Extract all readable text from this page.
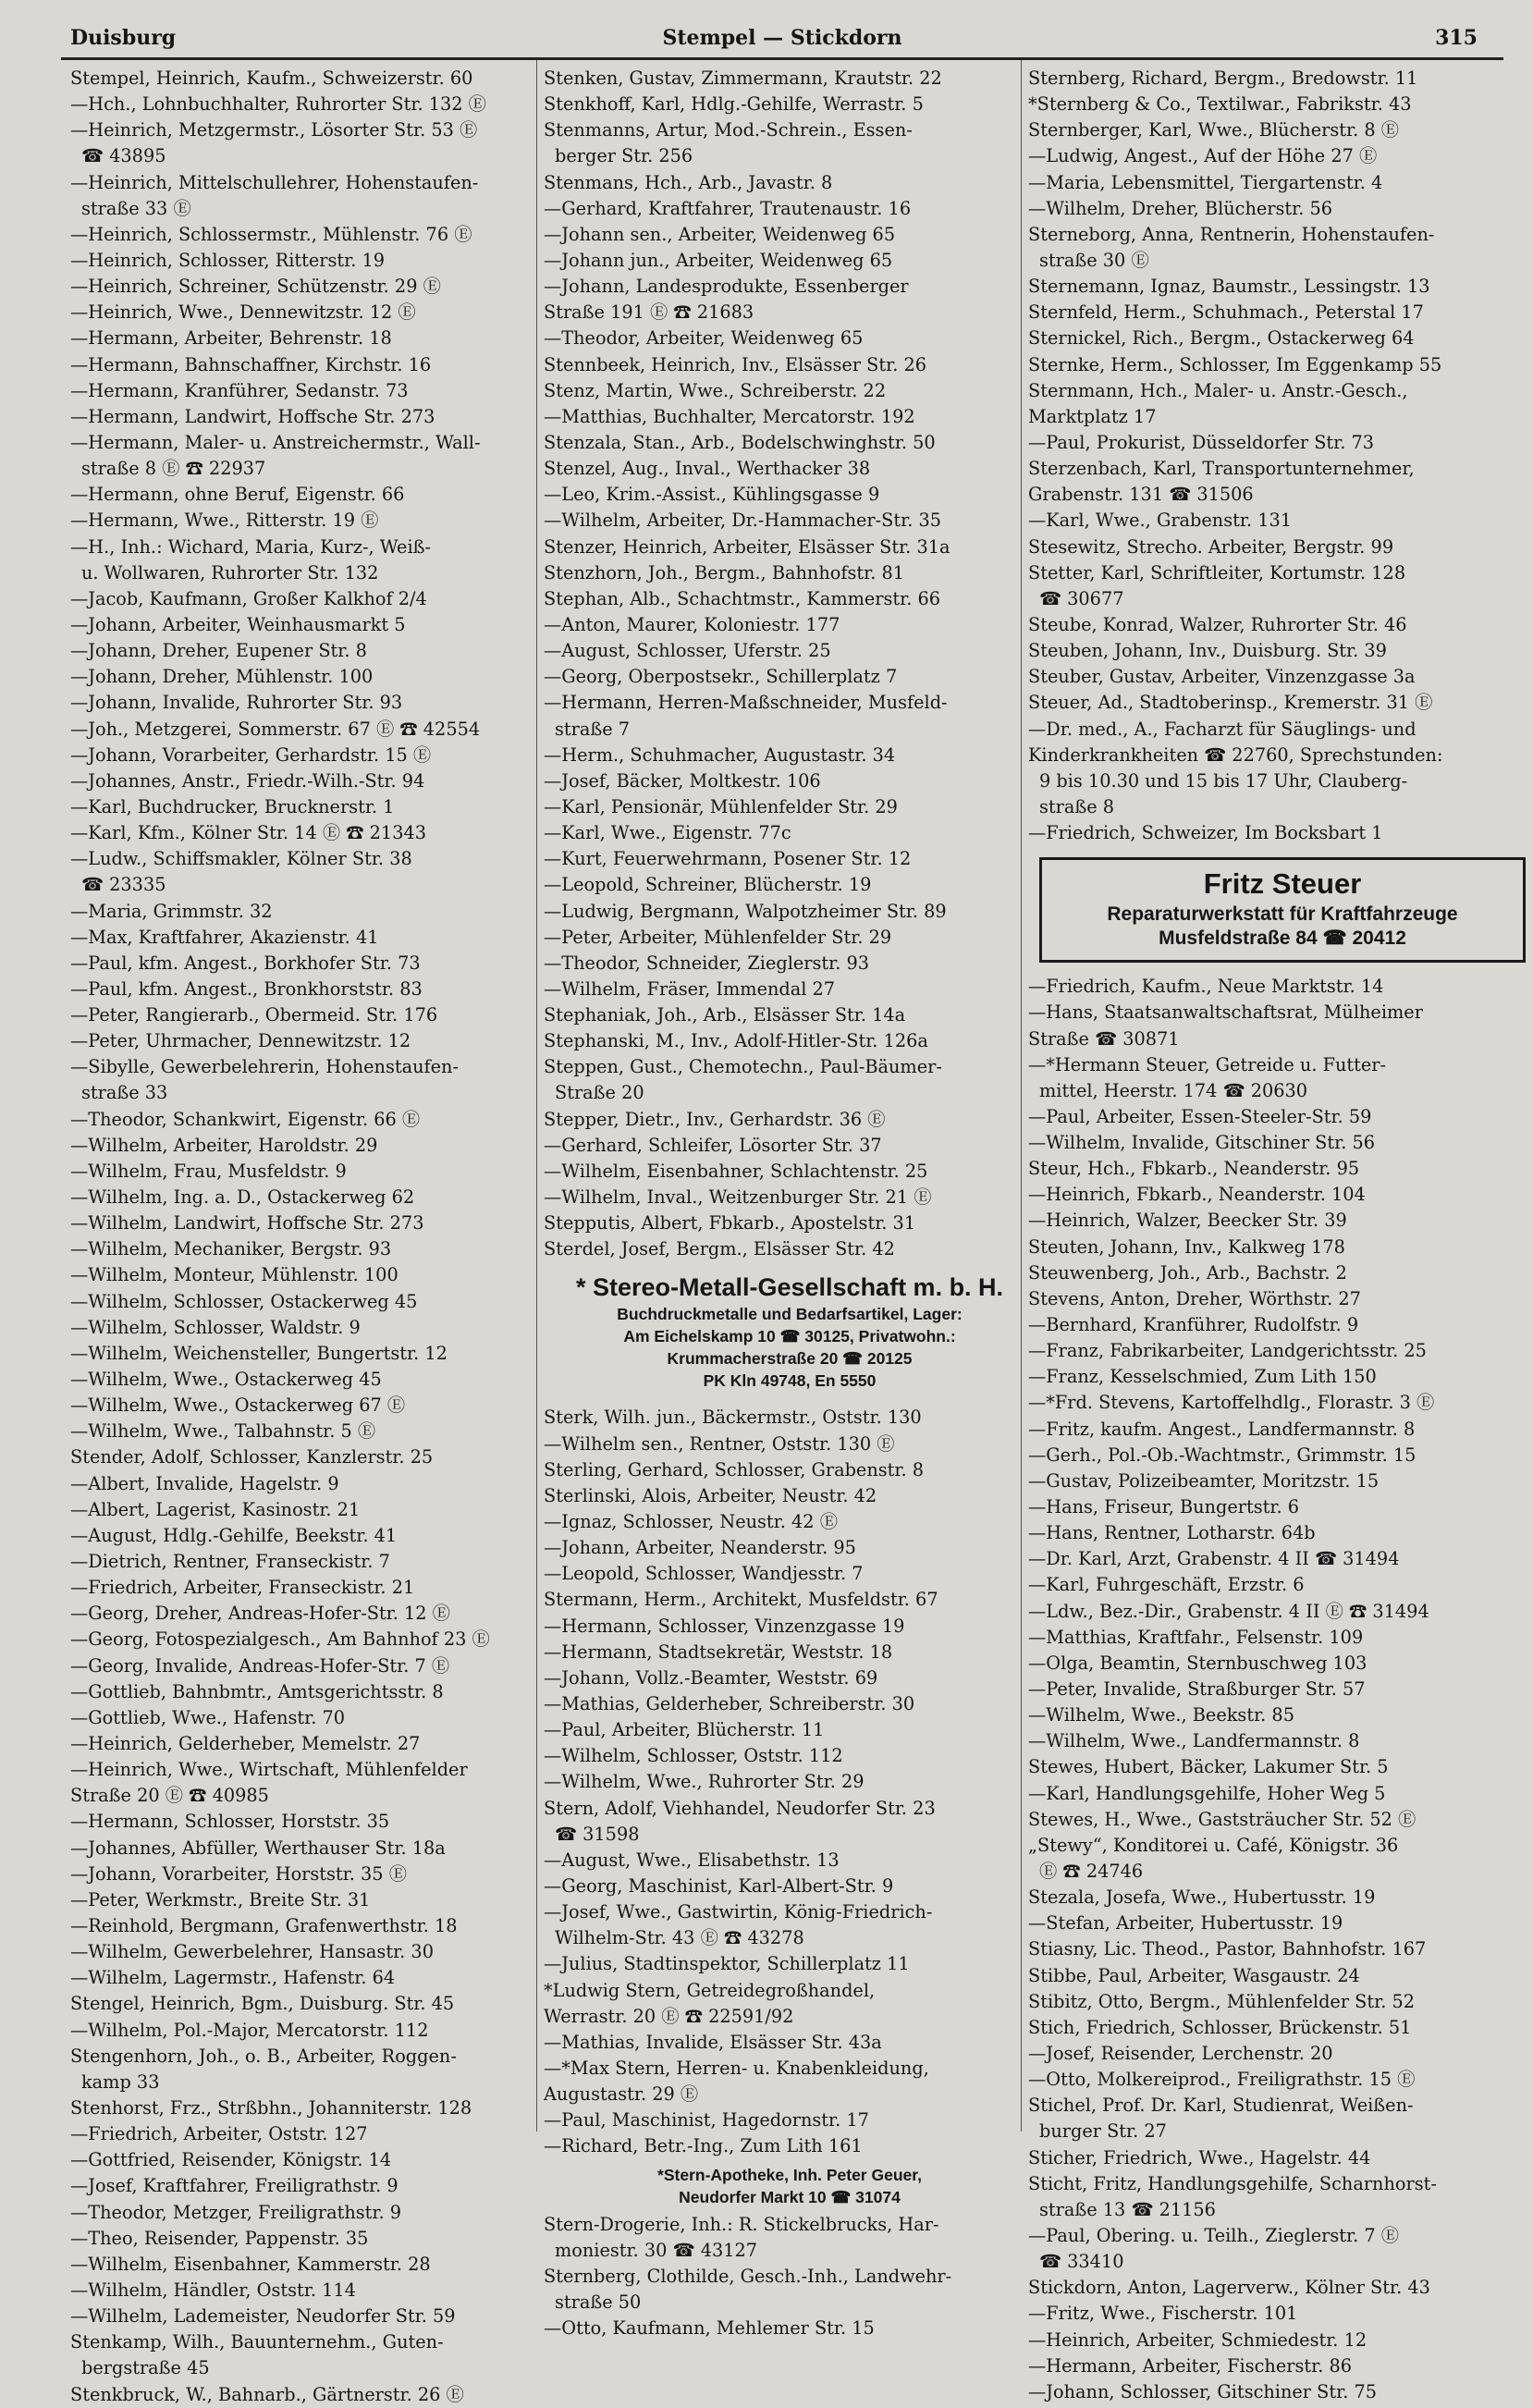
Duisburg	Stempel — Stickdorn	315
Stempel, Heinrich, Kaufm., Schweizerstr. 60
—Hch., Lohnbuchhalter, Ruhrorter Str. 132 Ⓔ
—Heinrich, Metzgermstr., Lösorter Str. 53 Ⓔ
☎ 43895
—Heinrich, Mittelschullehrer, Hohenstaufen-
straße 33 Ⓔ
—Heinrich, Schlossermstr., Mühlenstr. 76 Ⓔ
—Heinrich, Schlosser, Ritterstr. 19
—Heinrich, Schreiner, Schützenstr. 29 Ⓔ
—Heinrich, Wwe., Dennewitzstr. 12 Ⓔ
—Hermann, Arbeiter, Behrenstr. 18
—Hermann, Bahnschaffner, Kirchstr. 16
—Hermann, Kranführer, Sedanstr. 73
—Hermann, Landwirt, Hoffsche Str. 273
—Hermann, Maler- u. Anstreichermstr., Wall-
straße 8 Ⓔ ☎ 22937
—Hermann, ohne Beruf, Eigenstr. 66
—Hermann, Wwe., Ritterstr. 19 Ⓔ
—H., Inh.: Wichard, Maria, Kurz-, Weiß-
u. Wollwaren, Ruhrorter Str. 132
—Jacob, Kaufmann, Großer Kalkhof 2/4
—Johann, Arbeiter, Weinhausmarkt 5
—Johann, Dreher, Eupener Str. 8
—Johann, Dreher, Mühlenstr. 100
—Johann, Invalide, Ruhrorter Str. 93
—Joh., Metzgerei, Sommerstr. 67 Ⓔ ☎ 42554
—Johann, Vorarbeiter, Gerhardstr. 15 Ⓔ
—Johannes, Anstr., Friedr.-Wilh.-Str. 94
—Karl, Buchdrucker, Brucknerstr. 1
—Karl, Kfm., Kölner Str. 14 Ⓔ ☎ 21343
—Ludw., Schiffsmakler, Kölner Str. 38
☎ 23335
—Maria, Grimmstr. 32
—Max, Kraftfahrer, Akazienstr. 41
—Paul, kfm. Angest., Borkhofer Str. 73
—Paul, kfm. Angest., Bronkhorststr. 83
—Peter, Rangierarb., Obermeid. Str. 176
—Peter, Uhrmacher, Dennewitzstr. 12
—Sibylle, Gewerbelehrerin, Hohenstaufen-
straße 33
—Theodor, Schankwirt, Eigenstr. 66 Ⓔ
—Wilhelm, Arbeiter, Haroldstr. 29
—Wilhelm, Frau, Musfeldstr. 9
—Wilhelm, Ing. a. D., Ostackerweg 62
—Wilhelm, Landwirt, Hoffsche Str. 273
—Wilhelm, Mechaniker, Bergstr. 93
—Wilhelm, Monteur, Mühlenstr. 100
—Wilhelm, Schlosser, Ostackerweg 45
—Wilhelm, Schlosser, Waldstr. 9
—Wilhelm, Weichensteller, Bungertstr. 12
—Wilhelm, Wwe., Ostackerweg 45
—Wilhelm, Wwe., Ostackerweg 67 Ⓔ
—Wilhelm, Wwe., Talbahnstr. 5 Ⓔ
Stender, Adolf, Schlosser, Kanzlerstr. 25
—Albert, Invalide, Hagelstr. 9
—Albert, Lagerist, Kasinostr. 21
—August, Hdlg.-Gehilfe, Beekstr. 41
—Dietrich, Rentner, Franseckistr. 7
—Friedrich, Arbeiter, Franseckistr. 21
—Georg, Dreher, Andreas-Hofer-Str. 12 Ⓔ
—Georg, Fotospezialgesch., Am Bahnhof 23 Ⓔ
—Georg, Invalide, Andreas-Hofer-Str. 7 Ⓔ
—Gottlieb, Bahnbmtr., Amtsgerichtsstr. 8
—Gottlieb, Wwe., Hafenstr. 70
—Heinrich, Gelderheber, Memelstr. 27
—Heinrich, Wwe., Wirtschaft, Mühlenfelder
Straße 20 Ⓔ ☎ 40985
—Hermann, Schlosser, Horststr. 35
—Johannes, Abfüller, Werthauser Str. 18a
—Johann, Vorarbeiter, Horststr. 35 Ⓔ
—Peter, Werkmstr., Breite Str. 31
—Reinhold, Bergmann, Grafenwerthstr. 18
—Wilhelm, Gewerbelehrer, Hansastr. 30
—Wilhelm, Lagermstr., Hafenstr. 64
Stengel, Heinrich, Bgm., Duisburg. Str. 45
—Wilhelm, Pol.-Major, Mercatorstr. 112
Stengenhorn, Joh., o. B., Arbeiter, Roggen-
kamp 33
Stenhorst, Frz., Strßbhn., Johanniterstr. 128
—Friedrich, Arbeiter, Oststr. 127
—Gottfried, Reisender, Königstr. 14
—Josef, Kraftfahrer, Freiligrathstr. 9
—Theodor, Metzger, Freiligrathstr. 9
—Theo, Reisender, Pappenstr. 35
—Wilhelm, Eisenbahner, Kammerstr. 28
—Wilhelm, Händler, Oststr. 114
—Wilhelm, Lademeister, Neudorfer Str. 59
Stenkamp, Wilh., Bauunternehm., Guten-
bergstraße 45
Stenkbruck, W., Bahnarb., Gärtnerstr. 26 Ⓔ
Stenken, Gustav, Zimmermann, Krautstr. 22
Stenkhoff, Karl, Hdlg.-Gehilfe, Werrastr. 5
Stenmanns, Artur, Mod.-Schrein., Essen-
berger Str. 256
Stenmans, Hch., Arb., Javastr. 8
—Gerhard, Kraftfahrer, Trautenaustr. 16
—Johann sen., Arbeiter, Weidenweg 65
—Johann jun., Arbeiter, Weidenweg 65
—Johann, Landesprodukte, Essenberger
Straße 191 Ⓔ ☎ 21683
—Theodor, Arbeiter, Weidenweg 65
Stennbeek, Heinrich, Inv., Elsässer Str. 26
Stenz, Martin, Wwe., Schreiberstr. 22
—Matthias, Buchhalter, Mercatorstr. 192
Stenzala, Stan., Arb., Bodelschwinghstr. 50
Stenzel, Aug., Inval., Werthacker 38
—Leo, Krim.-Assist., Kühlingsgasse 9
—Wilhelm, Arbeiter, Dr.-Hammacher-Str. 35
Stenzer, Heinrich, Arbeiter, Elsässer Str. 31a
Stenzhorn, Joh., Bergm., Bahnhofstr. 81
Stephan, Alb., Schachtmstr., Kammerstr. 66
—Anton, Maurer, Koloniestr. 177
—August, Schlosser, Uferstr. 25
—Georg, Oberpostsekr., Schillerplatz 7
—Hermann, Herren-Maßschneider, Musfeld-
straße 7
—Herm., Schuhmacher, Augustastr. 34
—Josef, Bäcker, Moltkestr. 106
—Karl, Pensionär, Mühlenfelder Str. 29
—Karl, Wwe., Eigenstr. 77c
—Kurt, Feuerwehrmann, Posener Str. 12
—Leopold, Schreiner, Blücherstr. 19
—Ludwig, Bergmann, Walpotzheimer Str. 89
—Peter, Arbeiter, Mühlenfelder Str. 29
—Theodor, Schneider, Zieglerstr. 93
—Wilhelm, Fräser, Immendal 27
Stephaniak, Joh., Arb., Elsässer Str. 14a
Stephanski, M., Inv., Adolf-Hitler-Str. 126a
Steppen, Gust., Chemotechn., Paul-Bäumer-
Straße 20
Stepper, Dietr., Inv., Gerhardstr. 36 Ⓔ
—Gerhard, Schleifer, Lösorter Str. 37
—Wilhelm, Eisenbahner, Schlachtenstr. 25
—Wilhelm, Inval., Weitzenburger Str. 21 Ⓔ
Stepputis, Albert, Fbkarb., Apostelstr. 31
Sterdel, Josef, Bergm., Elsässer Str. 42
* Stereo-Metall-Gesellschaft m. b. H.
Buchdruckmetalle und Bedarfsartikel, Lager:
Am Eichelskamp 10 ☎ 30125, Privatwohn.:
Krummacherstraße 20 ☎ 20125
PK Kln 49748, En 5550
Sterk, Wilh. jun., Bäckermstr., Oststr. 130
—Wilhelm sen., Rentner, Oststr. 130 Ⓔ
Sterling, Gerhard, Schlosser, Grabenstr. 8
Sterlinski, Alois, Arbeiter, Neustr. 42
—Ignaz, Schlosser, Neustr. 42 Ⓔ
—Johann, Arbeiter, Neanderstr. 95
—Leopold, Schlosser, Wandjesstr. 7
Stermann, Herm., Architekt, Musfeldstr. 67
—Hermann, Schlosser, Vinzenzgasse 19
—Hermann, Stadtsekretär, Weststr. 18
—Johann, Vollz.-Beamter, Weststr. 69
—Mathias, Gelderheber, Schreiberstr. 30
—Paul, Arbeiter, Blücherstr. 11
—Wilhelm, Schlosser, Oststr. 112
—Wilhelm, Wwe., Ruhrorter Str. 29
Stern, Adolf, Viehhandel, Neudorfer Str. 23
☎ 31598
—August, Wwe., Elisabethstr. 13
—Georg, Maschinist, Karl-Albert-Str. 9
—Josef, Wwe., Gastwirtin, König-Friedrich-
Wilhelm-Str. 43 Ⓔ ☎ 43278
—Julius, Stadtinspektor, Schillerplatz 11
*Ludwig Stern, Getreidegroßhandel,
Werrastr. 20 Ⓔ ☎ 22591/92
—Mathias, Invalide, Elsässer Str. 43a
—*Max Stern, Herren- u. Knabenkleidung,
Augustastr. 29 Ⓔ
—Paul, Maschinist, Hagedornstr. 17
—Richard, Betr.-Ing., Zum Lith 161
*Stern-Apotheke, Inh. Peter Geuer,
Neudorfer Markt 10 ☎ 31074
Stern-Drogerie, Inh.: R. Stickelbrucks, Har-
moniestr. 30 ☎ 43127
Sternberg, Clothilde, Gesch.-Inh., Landwehr-
straße 50
—Otto, Kaufmann, Mehlemer Str. 15
Sternberg, Richard, Bergm., Bredowstr. 11
*Sternberg & Co., Textilwar., Fabrikstr. 43
Sternberger, Karl, Wwe., Blücherstr. 8 Ⓔ
—Ludwig, Angest., Auf der Höhe 27 Ⓔ
—Maria, Lebensmittel, Tiergartenstr. 4
—Wilhelm, Dreher, Blücherstr. 56
Sterneborg, Anna, Rentnerin, Hohenstaufen-
straße 30 Ⓔ
Sternemann, Ignaz, Baumstr., Lessingstr. 13
Sternfeld, Herm., Schuhmach., Peterstal 17
Sternickel, Rich., Bergm., Ostackerweg 64
Sternke, Herm., Schlosser, Im Eggenkamp 55
Sternmann, Hch., Maler- u. Anstr.-Gesch.,
Marktplatz 17
—Paul, Prokurist, Düsseldorfer Str. 73
Sterzenbach, Karl, Transportunternehmer,
Grabenstr. 131 ☎ 31506
—Karl, Wwe., Grabenstr. 131
Stesewitz, Strecho. Arbeiter, Bergstr. 99
Stetter, Karl, Schriftleiter, Kortumstr. 128
☎ 30677
Steube, Konrad, Walzer, Ruhrorter Str. 46
Steuben, Johann, Inv., Duisburg. Str. 39
Steuber, Gustav, Arbeiter, Vinzenzgasse 3a
Steuer, Ad., Stadtoberinsp., Kremerstr. 31 Ⓔ
—Dr. med., A., Facharzt für Säuglings- und
Kinderkrankheiten ☎ 22760, Sprechstunden:
9 bis 10.30 und 15 bis 17 Uhr, Clauberg-
straße 8
—Friedrich, Schweizer, Im Bocksbart 1
Fritz Steuer
Reparaturwerkstatt für Kraftfahrzeuge
Musfeldstraße 84 ☎ 20412
—Friedrich, Kaufm., Neue Marktstr. 14
—Hans, Staatsanwaltschaftsrat, Mülheimer
Straße ☎ 30871
—*Hermann Steuer, Getreide u. Futter-
mittel, Heerstr. 174 ☎ 20630
—Paul, Arbeiter, Essen-Steeler-Str. 59
—Wilhelm, Invalide, Gitschiner Str. 56
Steur, Hch., Fbkarb., Neanderstr. 95
—Heinrich, Fbkarb., Neanderstr. 104
—Heinrich, Walzer, Beecker Str. 39
Steuten, Johann, Inv., Kalkweg 178
Steuwenberg, Joh., Arb., Bachstr. 2
Stevens, Anton, Dreher, Wörthstr. 27
—Bernhard, Kranführer, Rudolfstr. 9
—Franz, Fabrikarbeiter, Landgerichtsstr. 25
—Franz, Kesselschmied, Zum Lith 150
—*Frd. Stevens, Kartoffelhdlg., Florastr. 3 Ⓔ
—Fritz, kaufm. Angest., Landfermannstr. 8
—Gerh., Pol.-Ob.-Wachtmstr., Grimmstr. 15
—Gustav, Polizeibeamter, Moritzstr. 15
—Hans, Friseur, Bungertstr. 6
—Hans, Rentner, Lotharstr. 64b
—Dr. Karl, Arzt, Grabenstr. 4 II ☎ 31494
—Karl, Fuhrgeschäft, Erzstr. 6
—Ldw., Bez.-Dir., Grabenstr. 4 II Ⓔ ☎ 31494
—Matthias, Kraftfahr., Felsenstr. 109
—Olga, Beamtin, Sternbuschweg 103
—Peter, Invalide, Straßburger Str. 57
—Wilhelm, Wwe., Beekstr. 85
—Wilhelm, Wwe., Landfermannstr. 8
Stewes, Hubert, Bäcker, Lakumer Str. 5
—Karl, Handlungsgehilfe, Hoher Weg 5
Stewes, H., Wwe., Gaststräucher Str. 52 Ⓔ
„Stewy“, Konditorei u. Café, Königstr. 36
Ⓔ ☎ 24746
Stezala, Josefa, Wwe., Hubertusstr. 19
—Stefan, Arbeiter, Hubertusstr. 19
Stiasny, Lic. Theod., Pastor, Bahnhofstr. 167
Stibbe, Paul, Arbeiter, Wasgaustr. 24
Stibitz, Otto, Bergm., Mühlenfelder Str. 52
Stich, Friedrich, Schlosser, Brückenstr. 51
—Josef, Reisender, Lerchenstr. 20
—Otto, Molkereiprod., Freiligrathstr. 15 Ⓔ
Stichel, Prof. Dr. Karl, Studienrat, Weißen-
burger Str. 27
Sticher, Friedrich, Wwe., Hagelstr. 44
Sticht, Fritz, Handlungsgehilfe, Scharnhorst-
straße 13 ☎ 21156
—Paul, Obering. u. Teilh., Zieglerstr. 7 Ⓔ
☎ 33410
Stickdorn, Anton, Lagerverw., Kölner Str. 43
—Fritz, Wwe., Fischerstr. 101
—Heinrich, Arbeiter, Schmiedestr. 12
—Hermann, Arbeiter, Fischerstr. 86
—Johann, Schlosser, Gitschiner Str. 75
